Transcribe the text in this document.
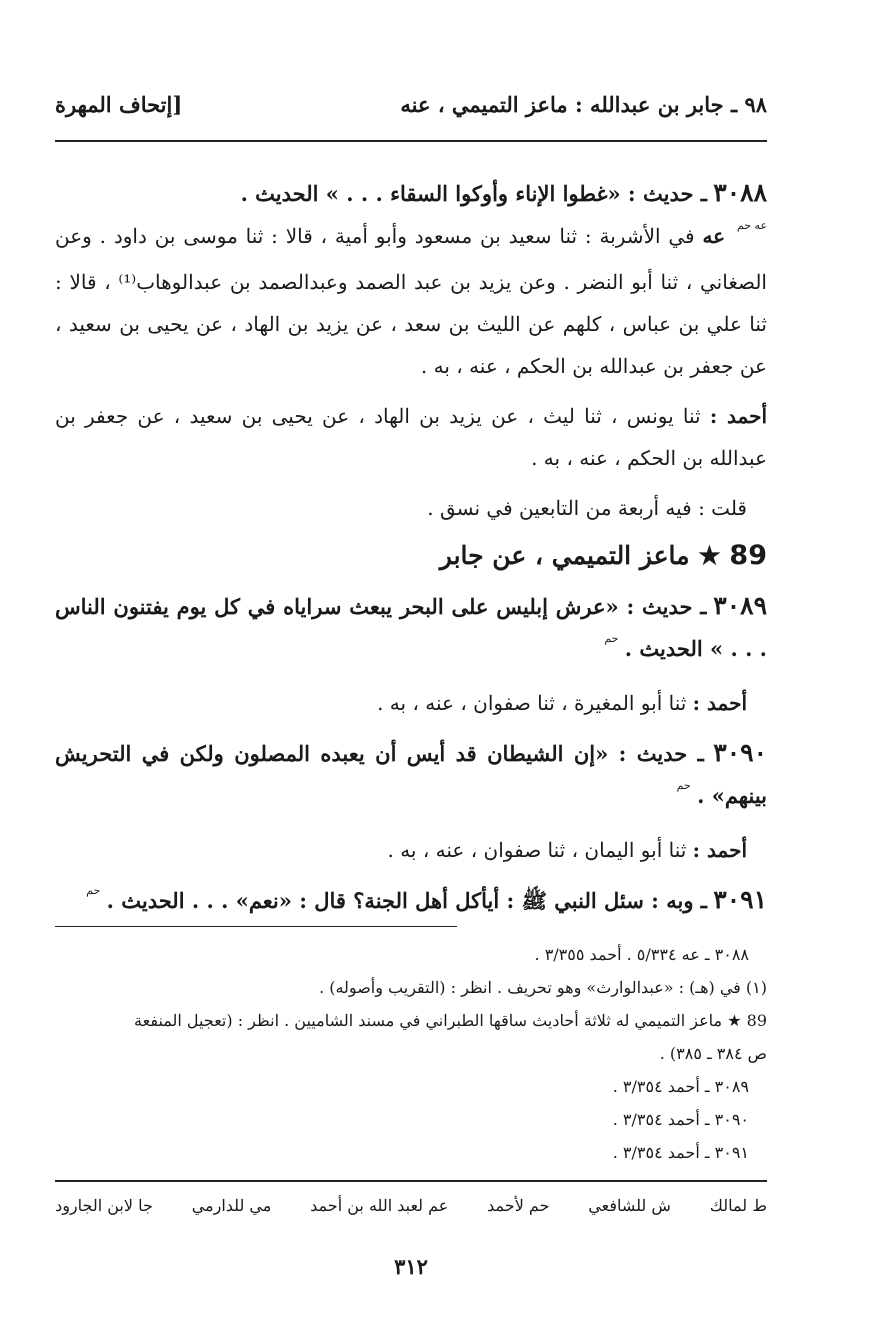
٩٨ ـ جابر بن عبدالله : ماعز التميمي ، عنه
[إتحاف المهرة

٣٠٨٨ ـ حديث : «غطوا الإناء وأوكوا السقاء . . . » الحديث .

عه حم عه في الأشربة : ثنا سعيد بن مسعود وأبو أمية ، قالا : ثنا موسى بن داود . وعن الصغاني ، ثنا أبو النضر . وعن يزيد بن عبد الصمد وعبدالصمد بن عبدالوهاب⁽¹⁾ ، قالا : ثنا علي بن عباس ، كلهم عن الليث بن سعد ، عن يزيد بن الهاد ، عن يحيى بن سعيد ، عن جعفر بن عبدالله بن الحكم ، عنه ، به .

أحمد : ثنا يونس ، ثنا ليث ، عن يزيد بن الهاد ، عن يحيى بن سعيد ، عن جعفر بن عبدالله بن الحكم ، عنه ، به .

قلت : فيه أربعة من التابعين في نسق .

89 ★ ماعز التميمي ، عن جابر

٣٠٨٩ ـ حديث : «عرش إبليس على البحر يبعث سراياه في كل يوم يفتنون الناس . . . » الحديث . حم

أحمد : ثنا أبو المغيرة ، ثنا صفوان ، عنه ، به .

٣٠٩٠ ـ حديث : «إن الشيطان قد أيس أن يعبده المصلون ولكن في التحريش بينهم» . حم

أحمد : ثنا أبو اليمان ، ثنا صفوان ، عنه ، به .

٣٠٩١ ـ وبه : سئل النبي ﷺ : أيأكل أهل الجنة؟ قال : «نعم» . . . الحديث . حم

٣٠٨٨ ـ عه ٥/٣٣٤ . أحمد ٣/٣٥٥ .
(١) في (هـ) : «عبدالوارث» وهو تحريف . انظر : (التقريب وأصوله) .
89 ★ ماعز التميمي له ثلاثة أحاديث ساقها الطبراني في مسند الشاميين . انظر : (تعجيل المنفعة
ص ٣٨٤ ـ ٣٨٥) .
٣٠٨٩ ـ أحمد ٣/٣٥٤ .
٣٠٩٠ ـ أحمد ٣/٣٥٤ .
٣٠٩١ ـ أحمد ٣/٣٥٤ .
ط لمالك
ش للشافعي
حم لأحمد
عم لعبد الله بن أحمد
مي للدارمي
جا لابن الجارود
٣١٢
